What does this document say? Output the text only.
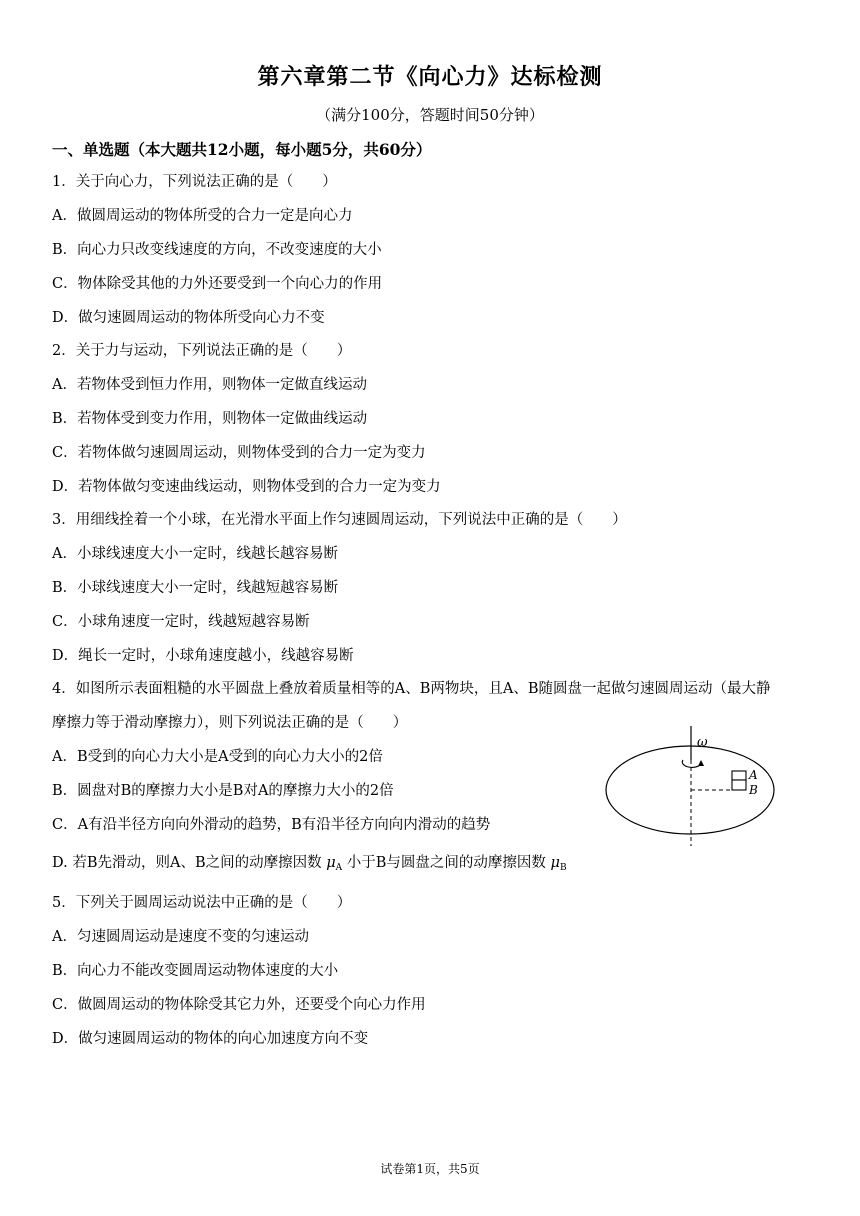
第六章第二节《向心力》达标检测
（满分100分，答题时间50分钟）
一、单选题（本大题共12小题，每小题5分，共60分）
1．关于向心力，下列说法正确的是（　　）
A．做圆周运动的物体所受的合力一定是向心力
B．向心力只改变线速度的方向，不改变速度的大小
C．物体除受其他的力外还要受到一个向心力的作用
D．做匀速圆周运动的物体所受向心力不变
2．关于力与运动，下列说法正确的是（　　）
A．若物体受到恒力作用，则物体一定做直线运动
B．若物体受到变力作用，则物体一定做曲线运动
C．若物体做匀速圆周运动，则物体受到的合力一定为变力
D．若物体做匀变速曲线运动，则物体受到的合力一定为变力
3．用细线拴着一个小球，在光滑水平面上作匀速圆周运动，下列说法中正确的是（　　）
A．小球线速度大小一定时，线越长越容易断
B．小球线速度大小一定时，线越短越容易断
C．小球角速度一定时，线越短越容易断
D．绳长一定时，小球角速度越小，线越容易断
4．如图所示表面粗糙的水平圆盘上叠放着质量相等的A、B两物块，且A、B随圆盘一起做匀速圆周运动（最大静
摩擦力等于滑动摩擦力），则下列说法正确的是（　　）
A．B受到的向心力大小是A受到的向心力大小的2倍
B．圆盘对B的摩擦力大小是B对A的摩擦力大小的2倍
C．A有沿半径方向向外滑动的趋势，B有沿半径方向向内滑动的趋势
D. 若B先滑动，则A、B之间的动摩擦因数 $\mu_A$ 小于B与圆盘之间的动摩擦因数 $\mu_B$
ω
A
B
5．下列关于圆周运动说法中正确的是（　　）
A．匀速圆周运动是速度不变的匀速运动
B．向心力不能改变圆周运动物体速度的大小
C．做圆周运动的物体除受其它力外，还要受个向心力作用
D．做匀速圆周运动的物体的向心加速度方向不变
试卷第1页，共5页
